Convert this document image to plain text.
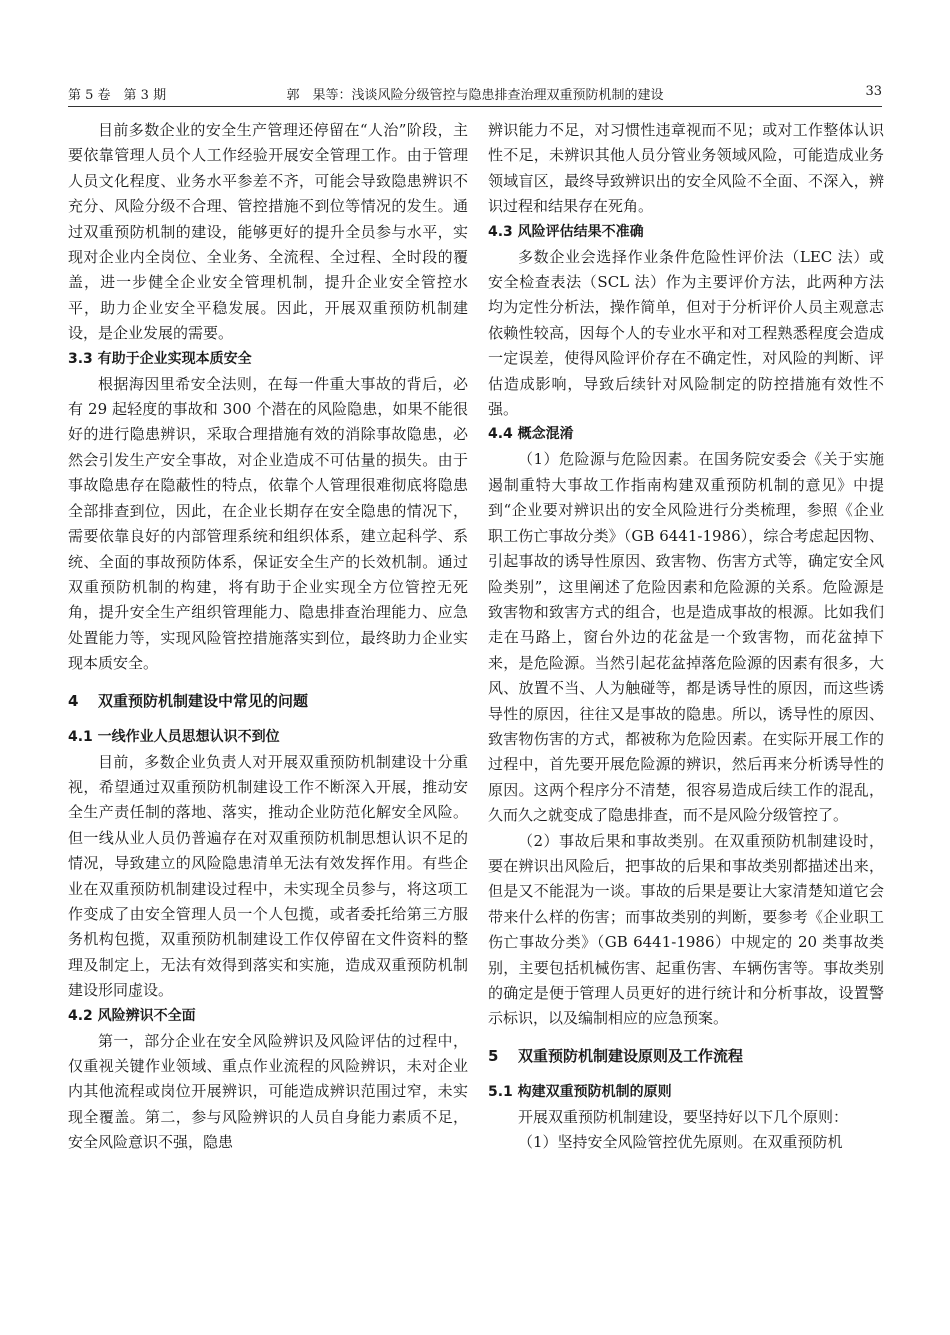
第 5 卷　第 3 期	郭　果等：浅谈风险分级管控与隐患排查治理双重预防机制的建设	33

目前多数企业的安全生产管理还停留在“人治”阶段，主要依靠管理人员个人工作经验开展安全管理工作。由于管理人员文化程度、业务水平参差不齐，可能会导致隐患辨识不充分、风险分级不合理、管控措施不到位等情况的发生。通过双重预防机制的建设，能够更好的提升全员参与水平，实现对企业内全岗位、全业务、全流程、全过程、全时段的覆盖，进一步健全企业安全管理机制，提升企业安全管控水平，助力企业安全平稳发展。因此，开展双重预防机制建设，是企业发展的需要。

3.3 有助于企业实现本质安全

根据海因里希安全法则，在每一件重大事故的背后，必有 29 起轻度的事故和 300 个潜在的风险隐患，如果不能很好的进行隐患辨识，采取合理措施有效的消除事故隐患，必然会引发生产安全事故，对企业造成不可估量的损失。由于事故隐患存在隐蔽性的特点，依靠个人管理很难彻底将隐患全部排查到位，因此，在企业长期存在安全隐患的情况下，需要依靠良好的内部管理系统和组织体系，建立起科学、系统、全面的事故预防体系，保证安全生产的长效机制。通过双重预防机制的构建，将有助于企业实现全方位管控无死角，提升安全生产组织管理能力、隐患排查治理能力、应急处置能力等，实现风险管控措施落实到位，最终助力企业实现本质安全。

4 双重预防机制建设中常见的问题
4.1 一线作业人员思想认识不到位

目前，多数企业负责人对开展双重预防机制建设十分重视，希望通过双重预防机制建设工作不断深入开展，推动安全生产责任制的落地、落实，推动企业防范化解安全风险。但一线从业人员仍普遍存在对双重预防机制思想认识不足的情况，导致建立的风险隐患清单无法有效发挥作用。有些企业在双重预防机制建设过程中，未实现全员参与，将这项工作变成了由安全管理人员一个人包揽，或者委托给第三方服务机构包揽，双重预防机制建设工作仅停留在文件资料的整理及制定上，无法有效得到落实和实施，造成双重预防机制建设形同虚设。

4.2 风险辨识不全面

第一，部分企业在安全风险辨识及风险评估的过程中，仅重视关键作业领域、重点作业流程的风险辨识，未对企业内其他流程或岗位开展辨识，可能造成辨识范围过窄，未实现全覆盖。第二，参与风险辨识的人员自身能力素质不足，安全风险意识不强，隐患

辨识能力不足，对习惯性违章视而不见；或对工作整体认识性不足，未辨识其他人员分管业务领域风险，可能造成业务领域盲区，最终导致辨识出的安全风险不全面、不深入，辨识过程和结果存在死角。

4.3 风险评估结果不准确

多数企业会选择作业条件危险性评价法（LEC 法）或安全检查表法（SCL 法）作为主要评价方法，此两种方法均为定性分析法，操作简单，但对于分析评价人员主观意志依赖性较高，因每个人的专业水平和对工程熟悉程度会造成一定误差，使得风险评价存在不确定性，对风险的判断、评估造成影响，导致后续针对风险制定的防控措施有效性不强。

4.4 概念混淆

（1）危险源与危险因素。在国务院安委会《关于实施遏制重特大事故工作指南构建双重预防机制的意见》中提到“企业要对辨识出的安全风险进行分类梳理，参照《企业职工伤亡事故分类》（GB 6441-1986），综合考虑起因物、引起事故的诱导性原因、致害物、伤害方式等，确定安全风险类别”，这里阐述了危险因素和危险源的关系。危险源是致害物和致害方式的组合，也是造成事故的根源。比如我们走在马路上，窗台外边的花盆是一个致害物，而花盆掉下来，是危险源。当然引起花盆掉落危险源的因素有很多，大风、放置不当、人为触碰等，都是诱导性的原因，而这些诱导性的原因，往往又是事故的隐患。所以，诱导性的原因、致害物伤害的方式，都被称为危险因素。在实际开展工作的过程中，首先要开展危险源的辨识，然后再来分析诱导性的原因。这两个程序分不清楚，很容易造成后续工作的混乱，久而久之就变成了隐患排查，而不是风险分级管控了。

（2）事故后果和事故类别。在双重预防机制建设时，要在辨识出风险后，把事故的后果和事故类别都描述出来，但是又不能混为一谈。事故的后果是要让大家清楚知道它会带来什么样的伤害；而事故类别的判断，要参考《企业职工伤亡事故分类》（GB 6441-1986）中规定的 20 类事故类别，主要包括机械伤害、起重伤害、车辆伤害等。事故类别的确定是便于管理人员更好的进行统计和分析事故，设置警示标识，以及编制相应的应急预案。

5 双重预防机制建设原则及工作流程
5.1 构建双重预防机制的原则

开展双重预防机制建设，要坚持好以下几个原则：

（1）坚持安全风险管控优先原则。在双重预防机
